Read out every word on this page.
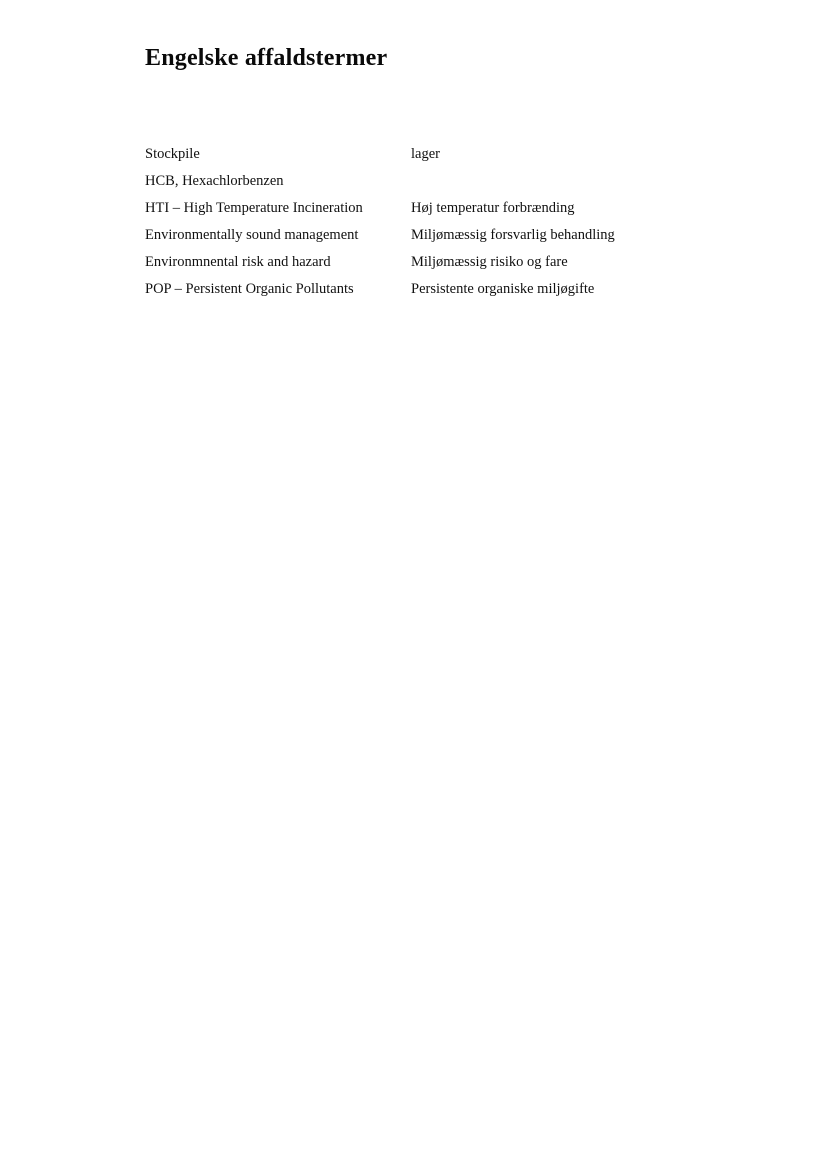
Engelske affaldstermer
Stockpile	lager
HCB, Hexachlorbenzen
HTI – High Temperature Incineration	Høj temperatur forbrænding
Environmentally sound management	Miljømæssig forsvarlig behandling
Environmnental risk and hazard	Miljømæssig risiko og fare
POP – Persistent Organic Pollutants	Persistente organiske miljøgifte
